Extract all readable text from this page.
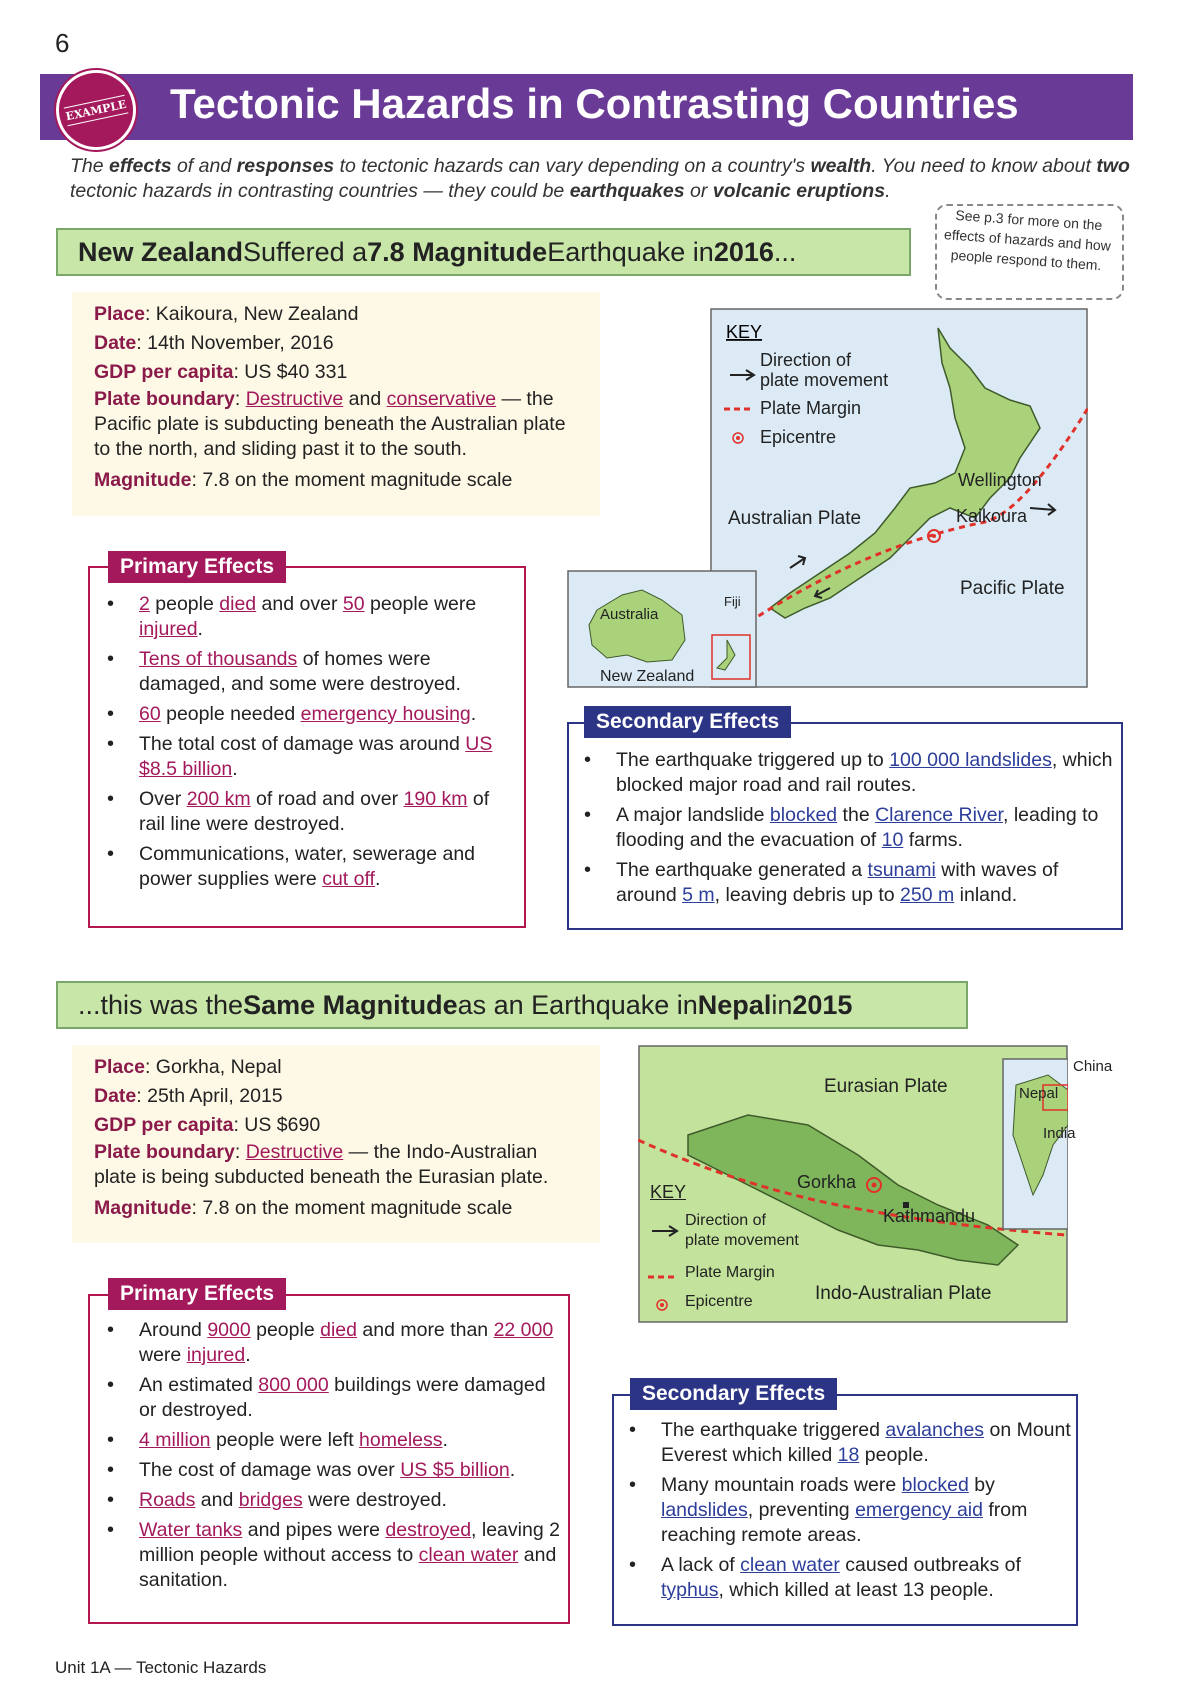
6
EXAMPLE Tectonic Hazards in Contrasting Countries
The effects of and responses to tectonic hazards can vary depending on a country's wealth. You need to know about two tectonic hazards in contrasting countries — they could be earthquakes or volcanic eruptions.
See p.3 for more on the effects of hazards and how people respond to them.
New Zealand Suffered a 7.8 Magnitude Earthquake in 2016 ...
Place: Kaikoura, New Zealand
Date: 14th November, 2016
GDP per capita: US $40 331
Plate boundary: Destructive and conservative — the Pacific plate is subducting beneath the Australian plate to the north, and sliding past it to the south.
Magnitude: 7.8 on the moment magnitude scale
KEY
Direction of
plate movement
Plate Margin
Epicentre
Australian Plate
Pacific Plate
Wellington
Kaikoura
Australia
Fiji
New Zealand
Primary Effects
• 2 people died and over 50 people were injured.
• Tens of thousands of homes were damaged, and some were destroyed.
• 60 people needed emergency housing.
• The total cost of damage was around US $8.5 billion.
• Over 200 km of road and over 190 km of rail line were destroyed.
• Communications, water, sewerage and power supplies were cut off.
Secondary Effects
• The earthquake triggered up to 100 000 landslides, which blocked major road and rail routes.
• A major landslide blocked the Clarence River, leading to flooding and the evacuation of 10 farms.
• The earthquake generated a tsunami with waves of around 5 m, leaving debris up to 250 m inland.
...this was the Same Magnitude as an Earthquake in Nepal in 2015
Place: Gorkha, Nepal
Date: 25th April, 2015
GDP per capita: US $690
Plate boundary: Destructive — the Indo-Australian plate is being subducted beneath the Eurasian plate.
Magnitude: 7.8 on the moment magnitude scale
Eurasian Plate
Indo-Australian Plate
Gorkha
Kathmandu
KEY
Direction of
plate movement
Plate Margin
Epicentre
China
Nepal
India
Primary Effects
• Around 9000 people died and more than 22 000 were injured.
• An estimated 800 000 buildings were damaged or destroyed.
• 4 million people were left homeless.
• The cost of damage was over US $5 billion.
• Roads and bridges were destroyed.
• Water tanks and pipes were destroyed, leaving 2 million people without access to clean water and sanitation.
Secondary Effects
• The earthquake triggered avalanches on Mount Everest which killed 18 people.
• Many mountain roads were blocked by landslides, preventing emergency aid from reaching remote areas.
• A lack of clean water caused outbreaks of typhus, which killed at least 13 people.
Unit 1A — Tectonic Hazards
